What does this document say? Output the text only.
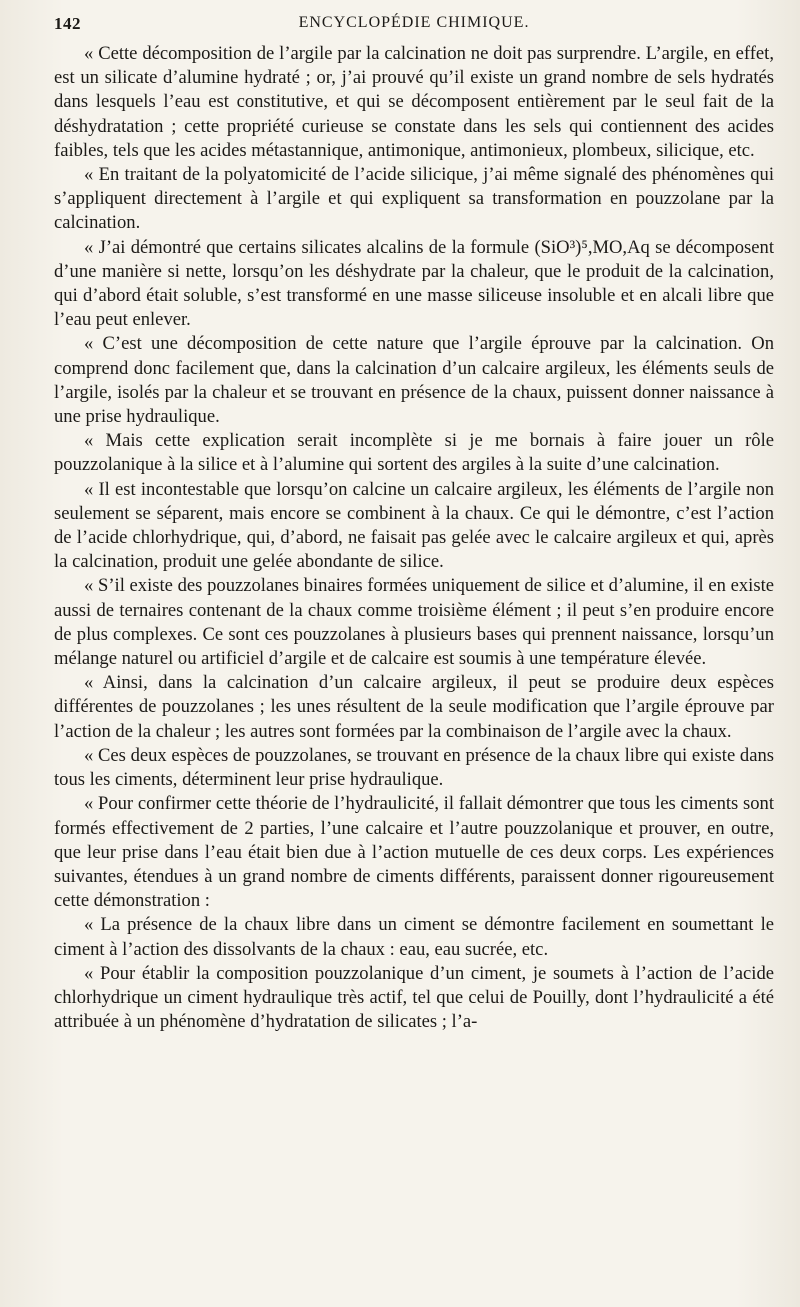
142	ENCYCLOPÉDIE CHIMIQUE.

« Cette décomposition de l’argile par la calcination ne doit pas surprendre. L’argile, en effet, est un silicate d’alumine hydraté ; or, j’ai prouvé qu’il existe un grand nombre de sels hydratés dans lesquels l’eau est constitutive, et qui se décomposent entièrement par le seul fait de la déshydratation ; cette propriété curieuse se constate dans les sels qui contiennent des acides faibles, tels que les acides métastannique, antimonique, antimonieux, plombeux, silicique, etc.

« En traitant de la polyatomicité de l’acide silicique, j’ai même signalé des phénomènes qui s’appliquent directement à l’argile et qui expliquent sa transformation en pouzzolane par la calcination.

« J’ai démontré que certains silicates alcalins de la formule (SiO³)⁵,MO,Aq se décomposent d’une manière si nette, lorsqu’on les déshydrate par la chaleur, que le produit de la calcination, qui d’abord était soluble, s’est transformé en une masse siliceuse insoluble et en alcali libre que l’eau peut enlever.

« C’est une décomposition de cette nature que l’argile éprouve par la calcination. On comprend donc facilement que, dans la calcination d’un calcaire argileux, les éléments seuls de l’argile, isolés par la chaleur et se trouvant en présence de la chaux, puissent donner naissance à une prise hydraulique.

« Mais cette explication serait incomplète si je me bornais à faire jouer un rôle pouzzolanique à la silice et à l’alumine qui sortent des argiles à la suite d’une calcination.

« Il est incontestable que lorsqu’on calcine un calcaire argileux, les éléments de l’argile non seulement se séparent, mais encore se combinent à la chaux. Ce qui le démontre, c’est l’action de l’acide chlorhydrique, qui, d’abord, ne faisait pas gelée avec le calcaire argileux et qui, après la calcination, produit une gelée abondante de silice.

« S’il existe des pouzzolanes binaires formées uniquement de silice et d’alumine, il en existe aussi de ternaires contenant de la chaux comme troisième élément ; il peut s’en produire encore de plus complexes. Ce sont ces pouzzolanes à plusieurs bases qui prennent naissance, lorsqu’un mélange naturel ou artificiel d’argile et de calcaire est soumis à une température élevée.

« Ainsi, dans la calcination d’un calcaire argileux, il peut se produire deux espèces différentes de pouzzolanes ; les unes résultent de la seule modification que l’argile éprouve par l’action de la chaleur ; les autres sont formées par la combinaison de l’argile avec la chaux.

« Ces deux espèces de pouzzolanes, se trouvant en présence de la chaux libre qui existe dans tous les ciments, déterminent leur prise hydraulique.

« Pour confirmer cette théorie de l’hydraulicité, il fallait démontrer que tous les ciments sont formés effectivement de 2 parties, l’une calcaire et l’autre pouzzolanique et prouver, en outre, que leur prise dans l’eau était bien due à l’action mutuelle de ces deux corps. Les expériences suivantes, étendues à un grand nombre de ciments différents, paraissent donner rigoureusement cette démonstration :

« La présence de la chaux libre dans un ciment se démontre facilement en soumettant le ciment à l’action des dissolvants de la chaux : eau, eau sucrée, etc.

« Pour établir la composition pouzzolanique d’un ciment, je soumets à l’action de l’acide chlorhydrique un ciment hydraulique très actif, tel que celui de Pouilly, dont l’hydraulicité a été attribuée à un phénomène d’hydratation de silicates ; l’a-
